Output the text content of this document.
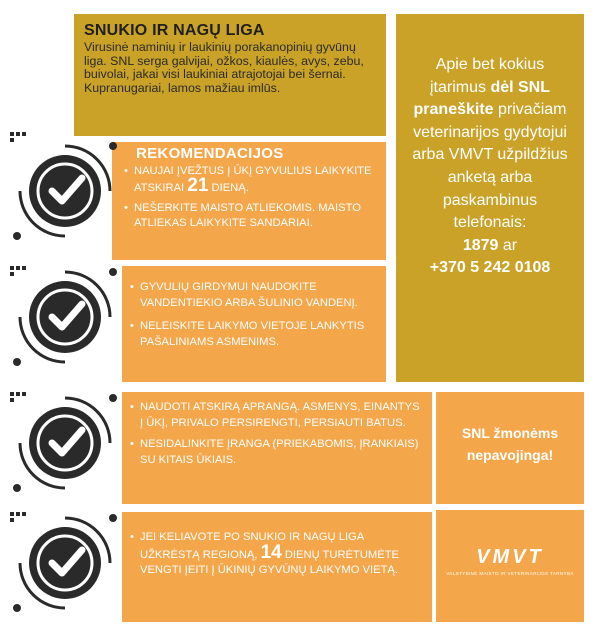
SNUKIO IR NAGŲ LIGA

Virusinė naminių ir laukinių porakanopinių gyvūnų liga. SNL serga galvijai, ožkos, kiaulės, avys, zebu, buivolai, jakai visi laukiniai atrajotojai bei šernai. Kupranugariai, lamos mažiau imlūs.

Apie bet kokius įtarimus dėl SNL praneškite privačiam veterinarijos gydytojui arba VMVT užpildžius anketą arba paskambinus telefonais:
1879 ar
+370 5 242 0108
REKOMENDACIJOS
• NAUJAI ĮVEŽTUS Į ŪKĮ GYVULIUS LAIKYKITE ATSKIRAI 21 DIENĄ.
• NEŠERKITE MAISTO ATLIEKOMIS. MAISTO ATLIEKAS LAIKYKITE SANDARIAI.
• GYVULIŲ GIRDYMUI NAUDOKITE VANDENTIEKIO ARBA ŠULINIO VANDENĮ.
• NELEISKITE LAIKYMO VIETOJE LANKYTIS PAŠALINIAMS ASMENIMS.
• NAUDOTI ATSKIRĄ APRANGĄ. ASMENYS, EINANTYS Į ŪKĮ, PRIVALO PERSIRENGTI, PERSIAUTI BATUS.
• NESIDALINKITE ĮRANGA (PRIEKABOMIS, ĮRANKIAIS) SU KITAIS ŪKIAIS.
• JEI KELIAVOTE PO SNUKIO IR NAGŲ LIGA UŽKRĖSTĄ REGIONĄ, 14 DIENŲ TURĖTUMĖTE VENGTI ĮEITI Į ŪKINIŲ GYVŪNŲ LAIKYMO VIETĄ.
SNL žmonėms nepavojinga!
VMVT
VALSTYBINĖ MAISTO IR VETERINARIJOS TARNYBA
